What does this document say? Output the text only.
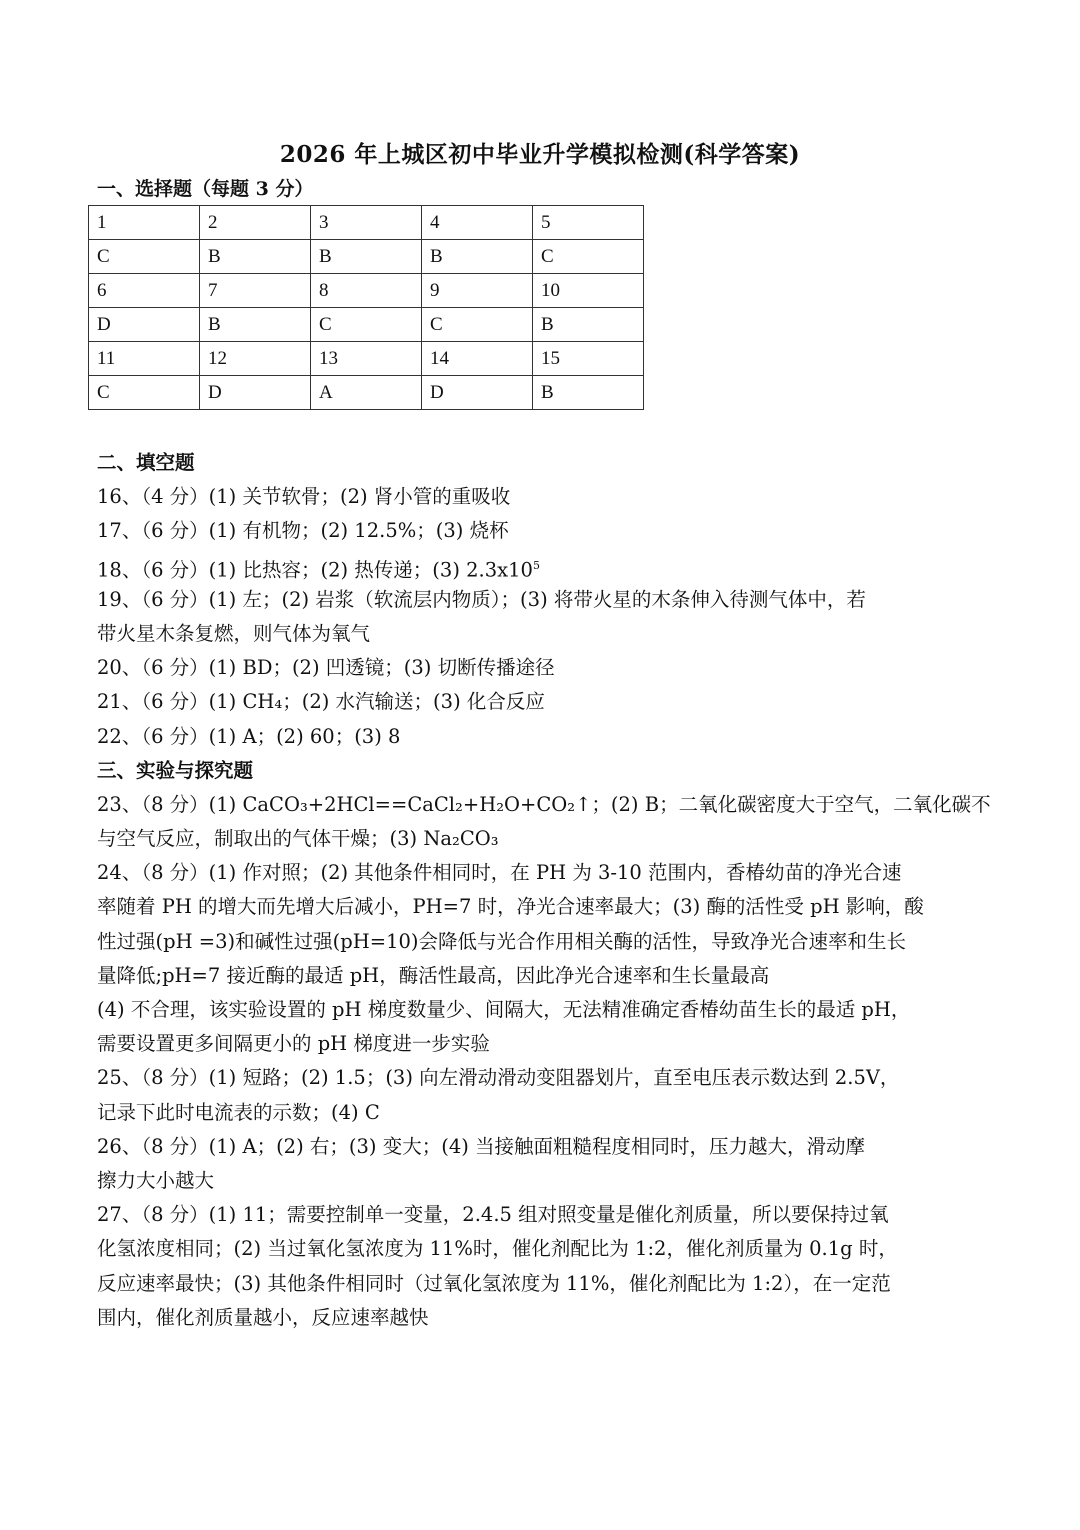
2026 年上城区初中毕业升学模拟检测(科学答案)
一、选择题（每题 3 分）
1	2	3	4	5
C	B	B	B	C
6	7	8	9	10
D	B	C	C	B
11	12	13	14	15
C	D	A	D	B
二、填空题
16、（4 分）(1) 关节软骨；(2) 肾小管的重吸收
17、（6 分）(1) 有机物；(2) 12.5%；(3) 烧杯
18、（6 分）(1) 比热容；(2) 热传递；(3) $2.3x10^5$
19、（6 分）(1) 左；(2) 岩浆（软流层内物质）；(3) 将带火星的木条伸入待测气体中，若
带火星木条复燃，则气体为氧气
20、（6 分）(1) BD；(2) 凹透镜；(3) 切断传播途径
21、（6 分）(1) CH₄；(2) 水汽输送；(3) 化合反应
22、（6 分）(1) A；(2) 60；(3) 8
三、实验与探究题
23、（8 分）(1) CaCO₃+2HCl==CaCl₂+H₂O+CO₂↑；(2) B；二氧化碳密度大于空气，二氧化碳不
与空气反应，制取出的气体干燥；(3) Na₂CO₃
24、（8 分）(1) 作对照；(2) 其他条件相同时，在 PH 为 3-10 范围内，香椿幼苗的净光合速
率随着 PH 的增大而先增大后减小，PH=7 时，净光合速率最大；(3) 酶的活性受 pH 影响，酸
性过强(pH =3)和碱性过强(pH=10)会降低与光合作用相关酶的活性，导致净光合速率和生长
量降低;pH=7 接近酶的最适 pH，酶活性最高，因此净光合速率和生长量最高
(4) 不合理，该实验设置的 pH 梯度数量少、间隔大，无法精准确定香椿幼苗生长的最适 pH，
需要设置更多间隔更小的 pH 梯度进一步实验
25、（8 分）(1) 短路；(2) 1.5；(3) 向左滑动滑动变阻器划片，直至电压表示数达到 2.5V，
记录下此时电流表的示数；(4) C
26、（8 分）(1) A；(2) 右；(3) 变大；(4) 当接触面粗糙程度相同时，压力越大，滑动摩
擦力大小越大
27、（8 分）(1) 11；需要控制单一变量，2.4.5 组对照变量是催化剂质量，所以要保持过氧
化氢浓度相同；(2) 当过氧化氢浓度为 11%时，催化剂配比为 1:2，催化剂质量为 0.1g 时，
反应速率最快；(3) 其他条件相同时（过氧化氢浓度为 11%，催化剂配比为 1:2），在一定范
围内，催化剂质量越小，反应速率越快
